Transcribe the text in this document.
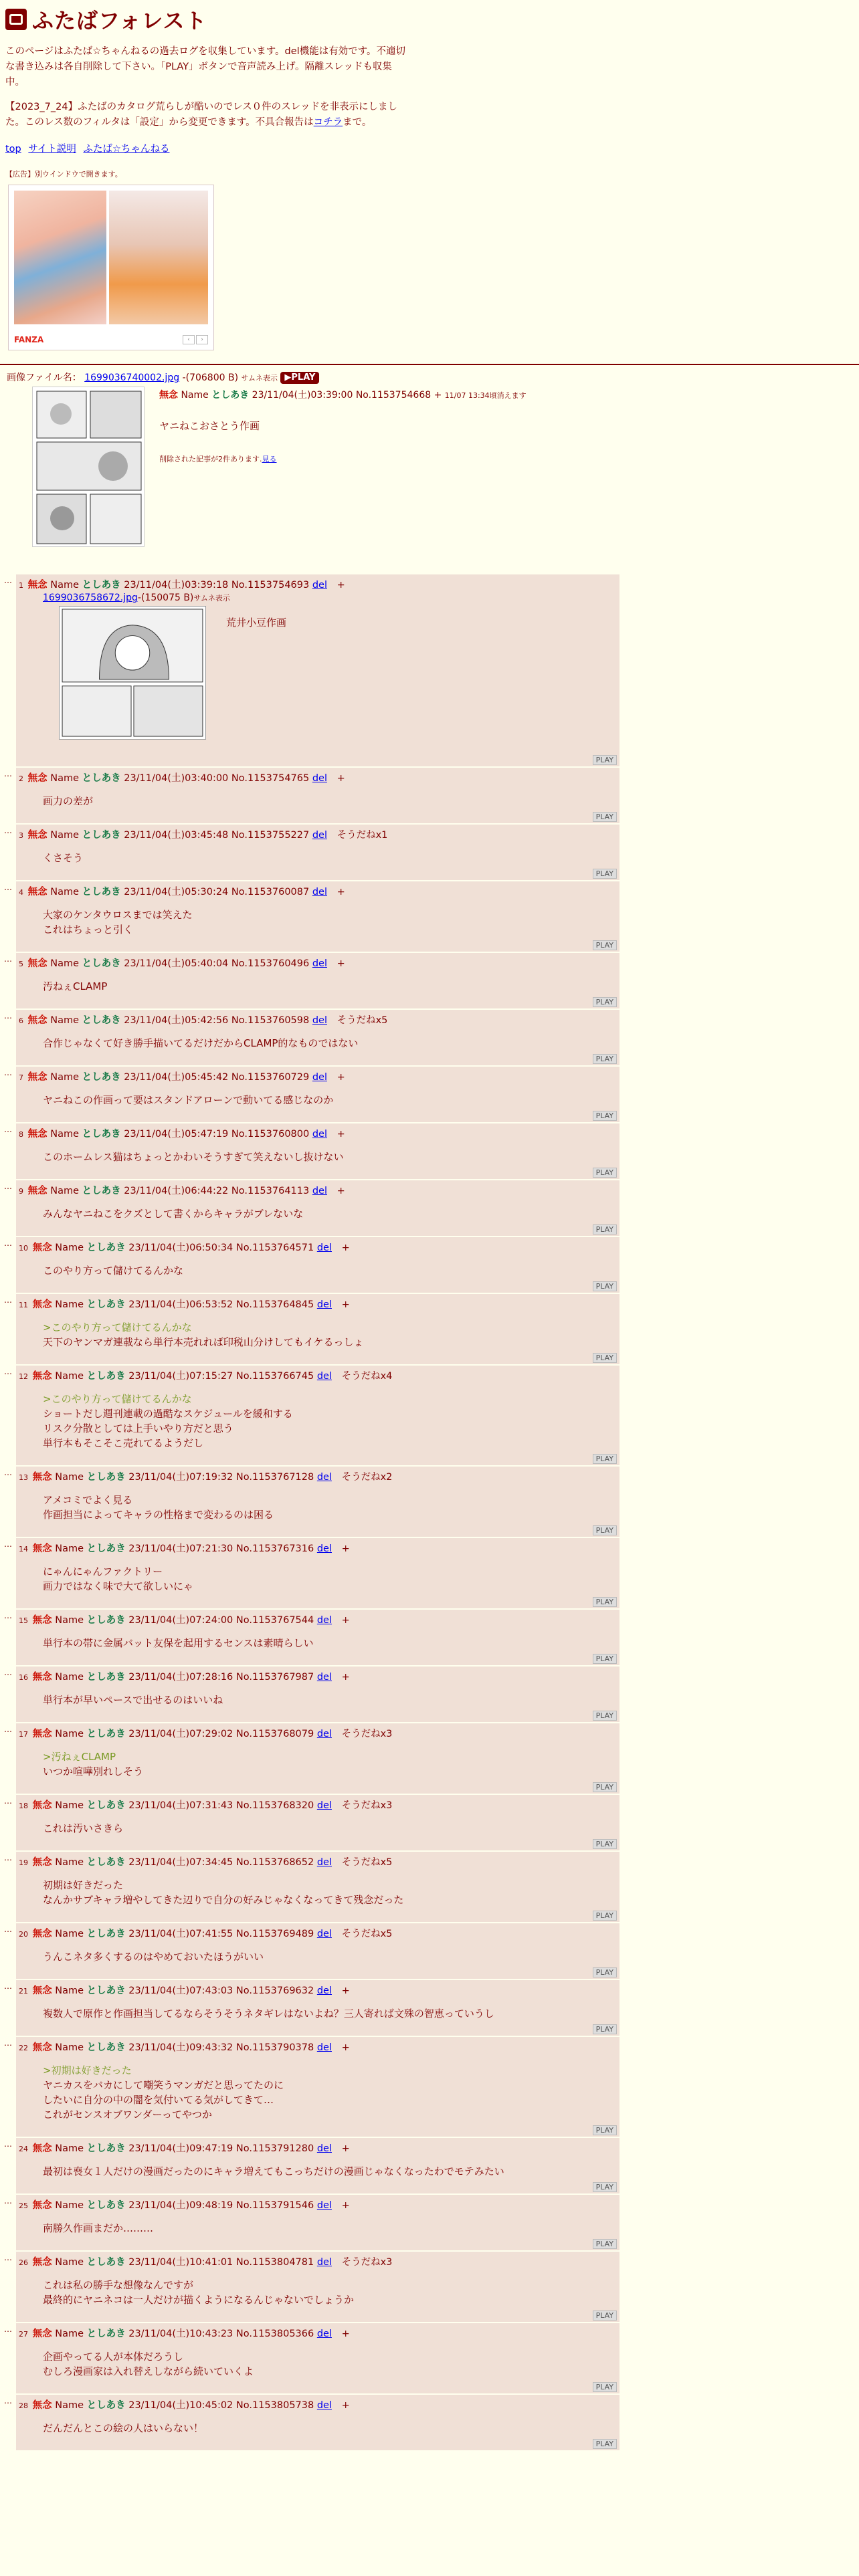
ふたばフォレスト

このページはふたば☆ちゃんねるの過去ログを収集しています。del機能は有効です。不適切な書き込みは各自削除して下さい。「PLAY」ボタンで音声読み上げ。隔離スレッドも収集中。

【2023_7_24】ふたばのカタログ荒らしが酷いのでレス０件のスレッドを非表示にしました。このレス数のフィルタは「設定」から変更できます。不具合報告はコチラまで。

top サイト説明 ふたば☆ちゃんねる
【広告】別ウインドウで開きます。
FANZA	‹	›
画像ファイル名： 1699036740002.jpg -(706800 B) サムネ表示 ▶PLAY
無念 Name としあき 23/11/04(土)03:39:00 No.1153754668 + 11/07 13:34頃消えます
ヤニねこおさとう作画
削除された記事が2件あります.見る
…
1 無念 Name としあき 23/11/04(土)03:39:18 No.1153754693 del +
1699036758672.jpg-(150075 B)サムネ表示
荒井小豆作画
PLAY
…
2 無念 Name としあき 23/11/04(土)03:40:00 No.1153754765 del +
画力の差が
PLAY
…
3 無念 Name としあき 23/11/04(土)03:45:48 No.1153755227 del そうだねx1
くさそう
PLAY
…
4 無念 Name としあき 23/11/04(土)05:30:24 No.1153760087 del +
大家のケンタウロスまでは笑えた
これはちょっと引く
PLAY
…
5 無念 Name としあき 23/11/04(土)05:40:04 No.1153760496 del +
汚ねぇCLAMP
PLAY
…
6 無念 Name としあき 23/11/04(土)05:42:56 No.1153760598 del そうだねx5
合作じゃなくて好き勝手描いてるだけだからCLAMP的なものではない
PLAY
…
7 無念 Name としあき 23/11/04(土)05:45:42 No.1153760729 del +
ヤニねこの作画って要はスタンドアローンで動いてる感じなのか
PLAY
…
8 無念 Name としあき 23/11/04(土)05:47:19 No.1153760800 del +
このホームレス猫はちょっとかわいそうすぎて笑えないし抜けない
PLAY
…
9 無念 Name としあき 23/11/04(土)06:44:22 No.1153764113 del +
みんなヤニねこをクズとして書くからキャラがブレないな
PLAY
…
10 無念 Name としあき 23/11/04(土)06:50:34 No.1153764571 del +
このやり方って儲けてるんかな
PLAY
…
11 無念 Name としあき 23/11/04(土)06:53:52 No.1153764845 del +
>このやり方って儲けてるんかな
天下のヤンマガ連載なら単行本売れれば印税山分けしてもイケるっしょ
PLAY
…
12 無念 Name としあき 23/11/04(土)07:15:27 No.1153766745 del そうだねx4
>このやり方って儲けてるんかな
ショートだし週刊連載の過酷なスケジュールを緩和する
リスク分散としては上手いやり方だと思う
単行本もそこそこ売れてるようだし
PLAY
…
13 無念 Name としあき 23/11/04(土)07:19:32 No.1153767128 del そうだねx2
アメコミでよく見る
作画担当によってキャラの性格まで変わるのは困る
PLAY
…
14 無念 Name としあき 23/11/04(土)07:21:30 No.1153767316 del +
にゃんにゃんファクトリー
画力ではなく味で大て欲しいにゃ
PLAY
…
15 無念 Name としあき 23/11/04(土)07:24:00 No.1153767544 del +
単行本の帯に金属バット友保を起用するセンスは素晴らしい
PLAY
…
16 無念 Name としあき 23/11/04(土)07:28:16 No.1153767987 del +
単行本が早いペースで出せるのはいいね
PLAY
…
17 無念 Name としあき 23/11/04(土)07:29:02 No.1153768079 del そうだねx3
>汚ねぇCLAMP
いつか喧嘩別れしそう
PLAY
…
18 無念 Name としあき 23/11/04(土)07:31:43 No.1153768320 del そうだねx3
これは汚いさきら
PLAY
…
19 無念 Name としあき 23/11/04(土)07:34:45 No.1153768652 del そうだねx5
初期は好きだった
なんかサブキャラ増やしてきた辺りで自分の好みじゃなくなってきて残念だった
PLAY
…
20 無念 Name としあき 23/11/04(土)07:41:55 No.1153769489 del そうだねx5
うんこネタ多くするのはやめておいたほうがいい
PLAY
…
21 無念 Name としあき 23/11/04(土)07:43:03 No.1153769632 del +
複数人で原作と作画担当してるならそうそうネタギレはないよね？三人寄れば文殊の智恵っていうし
PLAY
…
22 無念 Name としあき 23/11/04(土)09:43:32 No.1153790378 del +
>初期は好きだった
ヤニカスをバカにして嘲笑うマンガだと思ってたのに
したいに自分の中の闇を気付いてる気がしてきて…
これがセンスオブワンダーってやつか
PLAY
…
24 無念 Name としあき 23/11/04(土)09:47:19 No.1153791280 del +
最初は喪女１人だけの漫画だったのにキャラ増えてもこっちだけの漫画じゃなくなったわでモテみたい
PLAY
…
25 無念 Name としあき 23/11/04(土)09:48:19 No.1153791546 del +
南勝久作画まだか………
PLAY
…
26 無念 Name としあき 23/11/04(土)10:41:01 No.1153804781 del そうだねx3
これは私の勝手な想像なんですが
最終的にヤニネコは一人だけが描くようになるんじゃないでしょうか
PLAY
…
27 無念 Name としあき 23/11/04(土)10:43:23 No.1153805366 del +
企画やってる人が本体だろうし
むしろ漫画家は入れ替えしながら続いていくよ
PLAY
…
28 無念 Name としあき 23/11/04(土)10:45:02 No.1153805738 del +
だんだんとこの絵の人はいらない！
PLAY
